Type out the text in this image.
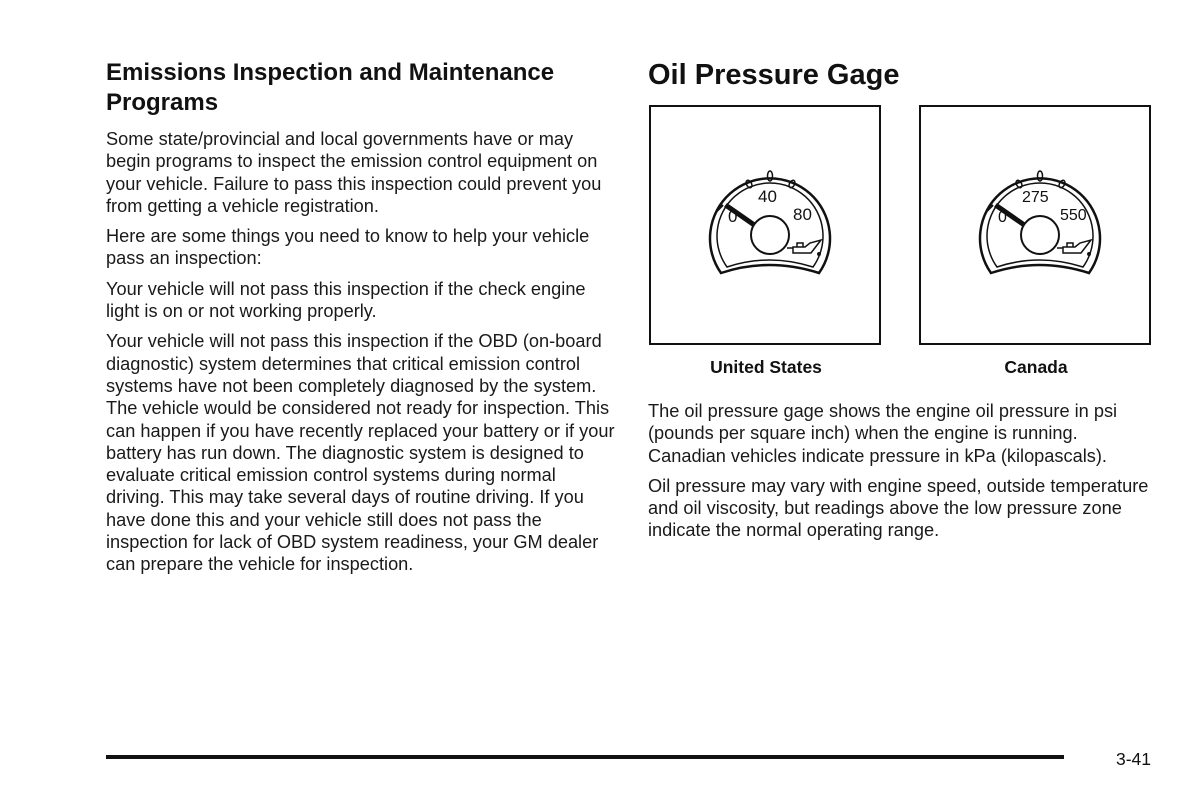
Emissions Inspection and Maintenance Programs

Some state/provincial and local governments have or may begin programs to inspect the emission control equipment on your vehicle. Failure to pass this inspection could prevent you from getting a vehicle registration.

Here are some things you need to know to help your vehicle pass an inspection:

Your vehicle will not pass this inspection if the check engine light is on or not working properly.

Your vehicle will not pass this inspection if the OBD (on-board diagnostic) system determines that critical emission control systems have not been completely diagnosed by the system. The vehicle would be considered not ready for inspection. This can happen if you have recently replaced your battery or if your battery has run down. The diagnostic system is designed to evaluate critical emission control systems during normal driving. This may take several days of routine driving. If you have done this and your vehicle still does not pass the inspection for lack of OBD system readiness, your GM dealer can prepare the vehicle for inspection.

Oil Pressure Gage
0
40
80	0
275
550
United States	Canada

The oil pressure gage shows the engine oil pressure in psi (pounds per square inch) when the engine is running. Canadian vehicles indicate pressure in kPa (kilopascals).

Oil pressure may vary with engine speed, outside temperature and oil viscosity, but readings above the low pressure zone indicate the normal operating range.

3-41
